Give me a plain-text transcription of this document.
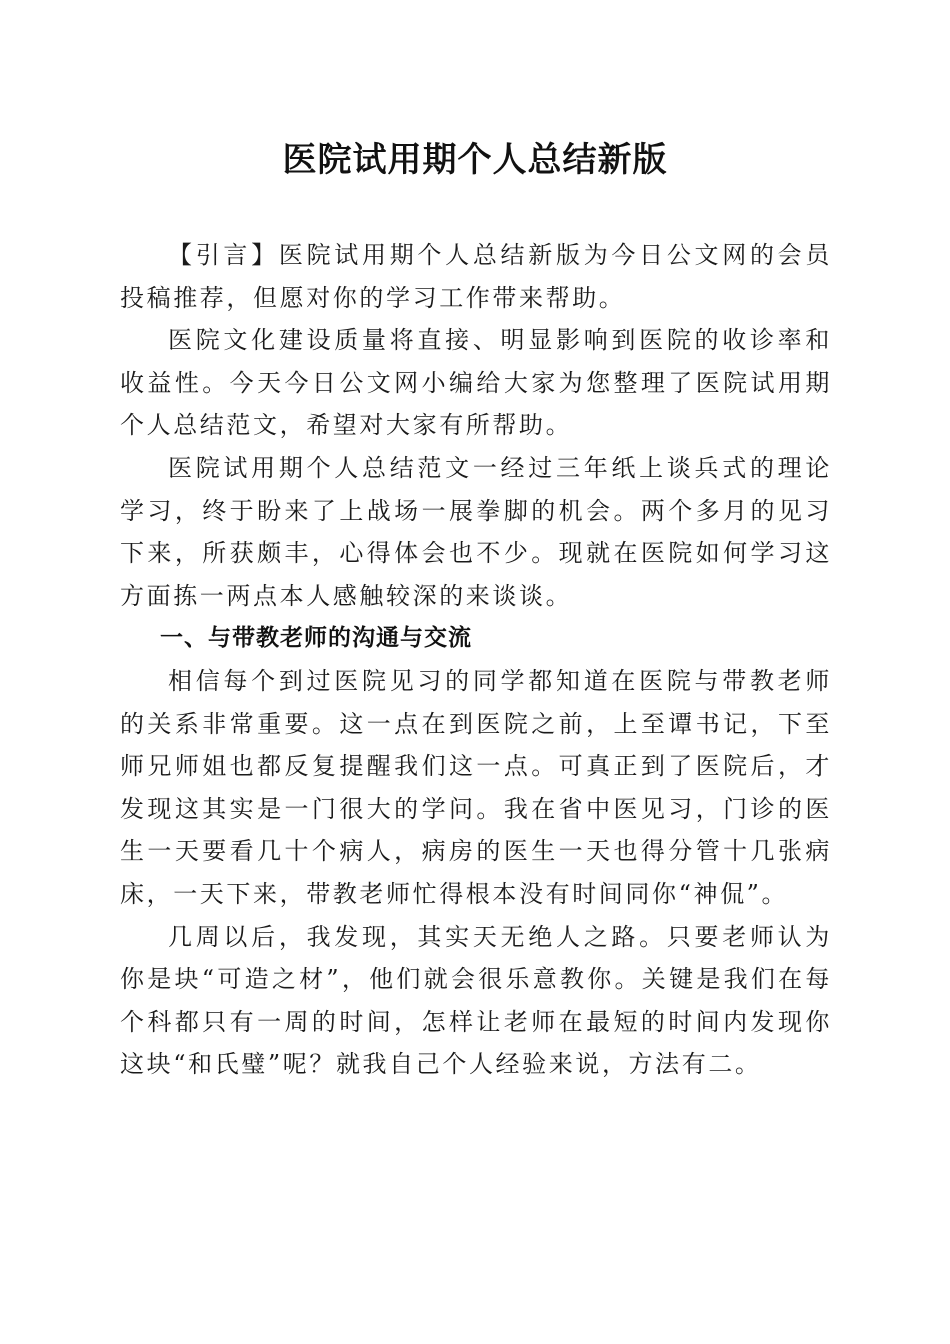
医院试用期个人总结新版

【引言】医院试用期个人总结新版为今日公文网的会员投稿推荐，但愿对你的学习工作带来帮助。

医院文化建设质量将直接、明显影响到医院的收诊率和收益性。今天今日公文网小编给大家为您整理了医院试用期个人总结范文，希望对大家有所帮助。

医院试用期个人总结范文一经过三年纸上谈兵式的理论学习，终于盼来了上战场一展拳脚的机会。两个多月的见习下来，所获颇丰，心得体会也不少。现就在医院如何学习这方面拣一两点本人感触较深的来谈谈。

一、与带教老师的沟通与交流

相信每个到过医院见习的同学都知道在医院与带教老师的关系非常重要。这一点在到医院之前，上至谭书记，下至师兄师姐也都反复提醒我们这一点。可真正到了医院后，才发现这其实是一门很大的学问。我在省中医见习，门诊的医生一天要看几十个病人，病房的医生一天也得分管十几张病床，一天下来，带教老师忙得根本没有时间同你“神侃”。

几周以后，我发现，其实天无绝人之路。只要老师认为你是块“可造之材”，他们就会很乐意教你。关键是我们在每个科都只有一周的时间，怎样让老师在最短的时间内发现你这块“和氏璧”呢？就我自己个人经验来说，方法有二。
